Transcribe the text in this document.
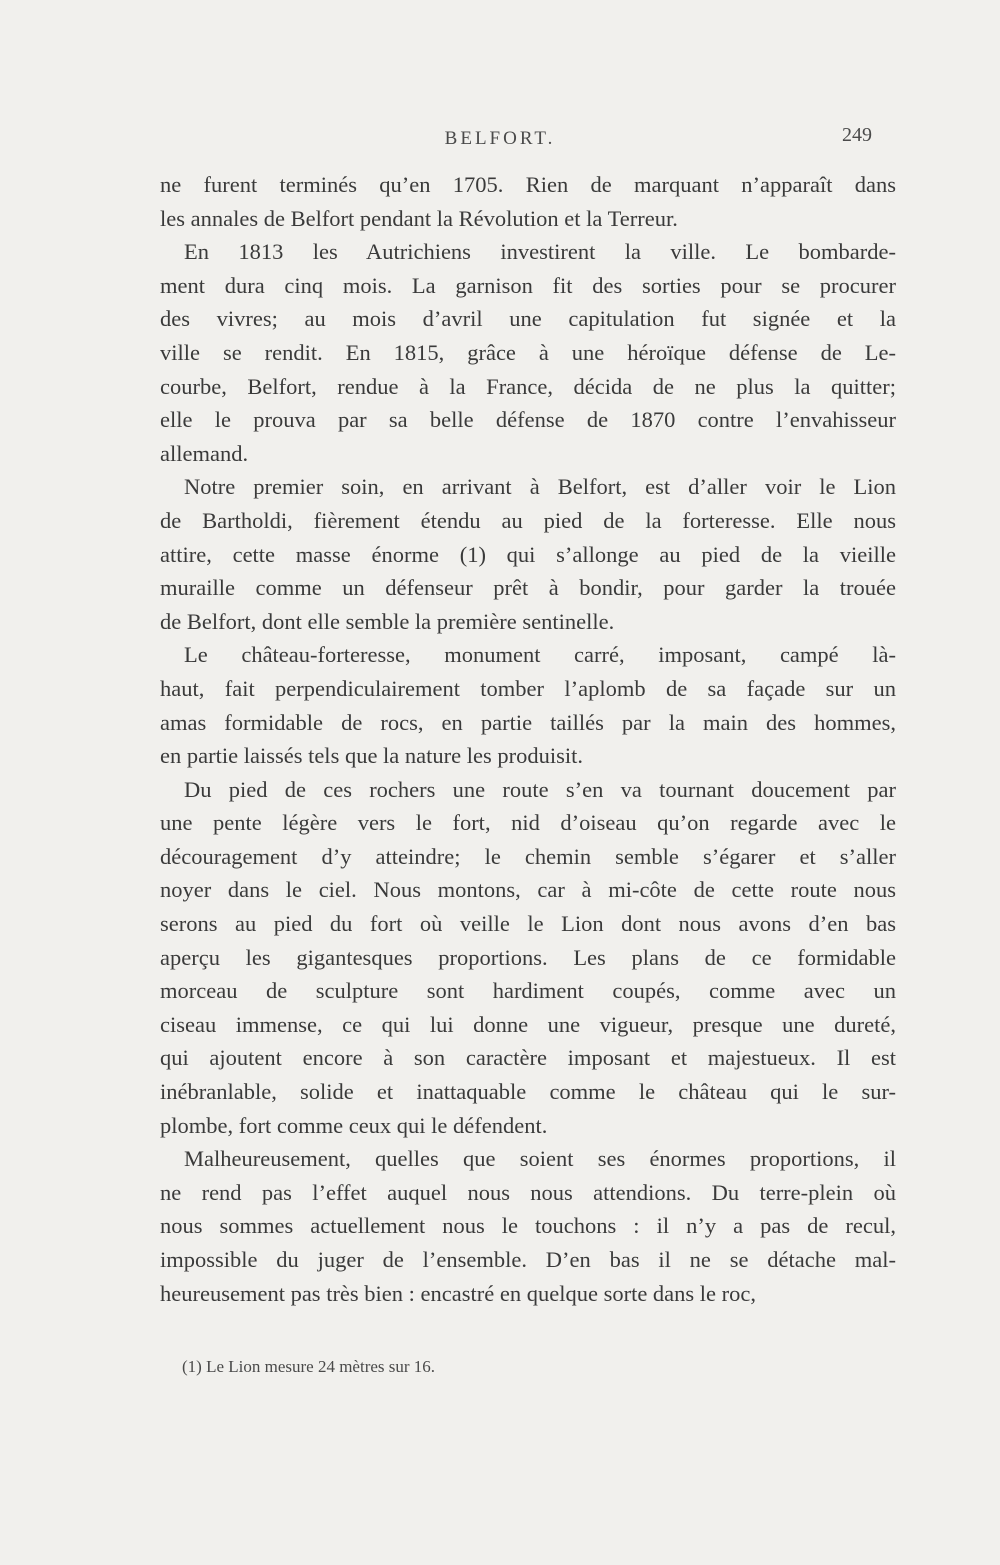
BELFORT.	249
ne furent terminés qu’en 1705. Rien de marquant n’apparaît dans
les annales de Belfort pendant la Révolution et la Terreur.
En 1813 les Autrichiens investirent la ville. Le bombarde-
ment dura cinq mois. La garnison fit des sorties pour se procurer
des vivres; au mois d’avril une capitulation fut signée et la
ville se rendit. En 1815, grâce à une héroïque défense de Le-
courbe, Belfort, rendue à la France, décida de ne plus la quitter;
elle le prouva par sa belle défense de 1870 contre l’envahisseur
allemand.
Notre premier soin, en arrivant à Belfort, est d’aller voir le Lion
de Bartholdi, fièrement étendu au pied de la forteresse. Elle nous
attire, cette masse énorme (1) qui s’allonge au pied de la vieille
muraille comme un défenseur prêt à bondir, pour garder la trouée
de Belfort, dont elle semble la première sentinelle.
Le château-forteresse, monument carré, imposant, campé là-
haut, fait perpendiculairement tomber l’aplomb de sa façade sur un
amas formidable de rocs, en partie taillés par la main des hommes,
en partie laissés tels que la nature les produisit.
Du pied de ces rochers une route s’en va tournant doucement par
une pente légère vers le fort, nid d’oiseau qu’on regarde avec le
découragement d’y atteindre; le chemin semble s’égarer et s’aller
noyer dans le ciel. Nous montons, car à mi-côte de cette route nous
serons au pied du fort où veille le Lion dont nous avons d’en bas
aperçu les gigantesques proportions. Les plans de ce formidable
morceau de sculpture sont hardiment coupés, comme avec un
ciseau immense, ce qui lui donne une vigueur, presque une dureté,
qui ajoutent encore à son caractère imposant et majestueux. Il est
inébranlable, solide et inattaquable comme le château qui le sur-
plombe, fort comme ceux qui le défendent.
Malheureusement, quelles que soient ses énormes proportions, il
ne rend pas l’effet auquel nous nous attendions. Du terre-plein où
nous sommes actuellement nous le touchons : il n’y a pas de recul,
impossible du juger de l’ensemble. D’en bas il ne se détache mal-
heureusement pas très bien : encastré en quelque sorte dans le roc,
(1) Le Lion mesure 24 mètres sur 16.
